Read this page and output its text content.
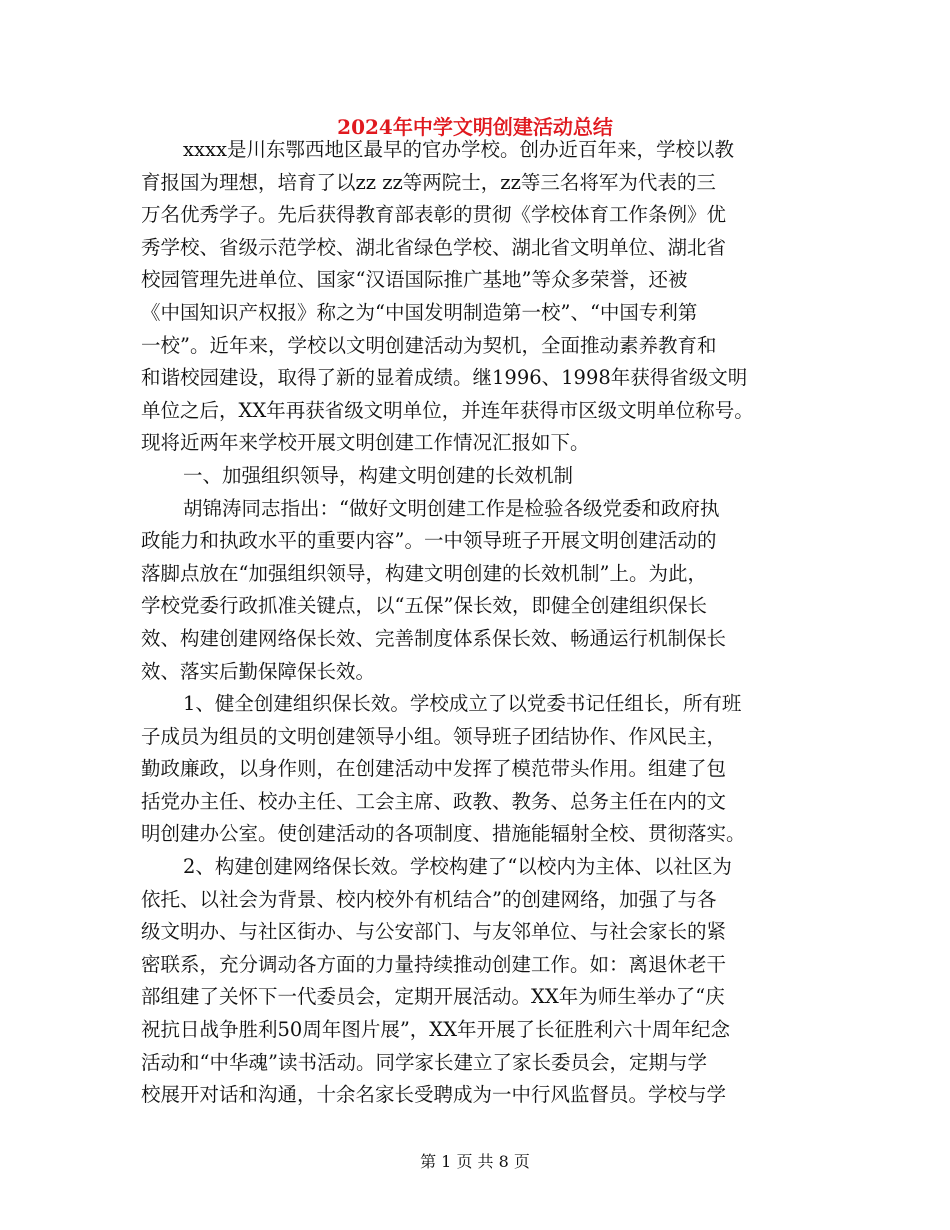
2024年中学文明创建活动总结
xxxx是川东鄂西地区最早的官办学校。创办近百年来，学校以教
育报国为理想，培育了以zz zz等两院士，zz等三名将军为代表的三
万名优秀学子。先后获得教育部表彰的贯彻《学校体育工作条例》优
秀学校、省级示范学校、湖北省绿色学校、湖北省文明单位、湖北省
校园管理先进单位、国家“汉语国际推广基地”等众多荣誉，还被
《中国知识产权报》称之为“中国发明制造第一校”、“中国专利第
一校”。近年来，学校以文明创建活动为契机，全面推动素养教育和
和谐校园建设，取得了新的显着成绩。继1996、1998年获得省级文明
单位之后，XX年再获省级文明单位，并连年获得市区级文明单位称号。
现将近两年来学校开展文明创建工作情况汇报如下。
一、加强组织领导，构建文明创建的长效机制
胡锦涛同志指出：“做好文明创建工作是检验各级党委和政府执
政能力和执政水平的重要内容”。一中领导班子开展文明创建活动的
落脚点放在“加强组织领导，构建文明创建的长效机制”上。为此，
学校党委行政抓准关键点，以“五保”保长效，即健全创建组织保长
效、构建创建网络保长效、完善制度体系保长效、畅通运行机制保长
效、落实后勤保障保长效。
1、健全创建组织保长效。学校成立了以党委书记任组长，所有班
子成员为组员的文明创建领导小组。领导班子团结协作、作风民主，
勤政廉政，以身作则，在创建活动中发挥了模范带头作用。组建了包
括党办主任、校办主任、工会主席、政教、教务、总务主任在内的文
明创建办公室。使创建活动的各项制度、措施能辐射全校、贯彻落实。
2、构建创建网络保长效。学校构建了“以校内为主体、以社区为
依托、以社会为背景、校内校外有机结合”的创建网络，加强了与各
级文明办、与社区街办、与公安部门、与友邻单位、与社会家长的紧
密联系，充分调动各方面的力量持续推动创建工作。如：离退休老干
部组建了关怀下一代委员会，定期开展活动。XX年为师生举办了“庆
祝抗日战争胜利50周年图片展”，XX年开展了长征胜利六十周年纪念
活动和“中华魂”读书活动。同学家长建立了家长委员会，定期与学
校展开对话和沟通，十余名家长受聘成为一中行风监督员。学校与学
第 1 页 共 8 页
